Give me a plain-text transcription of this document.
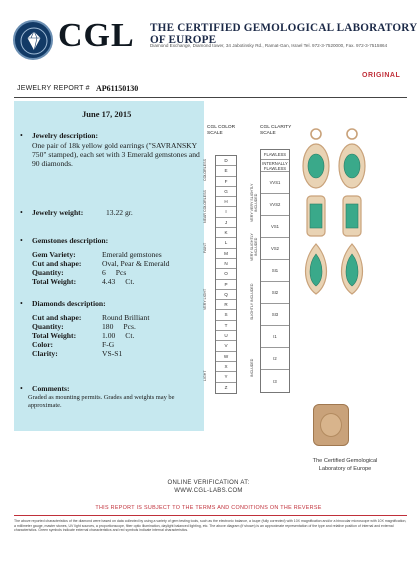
CGL THE CERTIFIED GEMOLOGICAL LABORATORY OF EUROPE
Diamond Exchange, Diamond tower, 34 Jabotinsky Rd., Ramat-Gan, Israel Tel. 972-3-7520000, Fax. 972-3-7515864
ORIGINAL
JEWELRY REPORT # AP61150130
June 17, 2015
• Jewelry description:
One pair of 18k yellow gold earrings ("SAVRANSKY 750" stamped), each set with 3 Emerald gemstones and 90 diamonds.
• Jewelry weight:	13.22 gr.
• Gemstones description:
Gem Variety:	Emerald gemstones
Cut and shape:	Oval, Pear & Emerald
Quantity:	6 Pcs
Total Weight:	4.43 Ct.
• Diamonds description:
Cut and shape:	Round Brilliant
Quantity:	180 Pcs.
Total Weight:	1.00 Ct.
Color:	F-G
Clarity:	VS-S1
• Comments:
Graded as mounting permits. Grades and weights may be approximate.
CGL COLOR SCALE
COLORLESS
NEAR COLORLESS
FAINT
VERY LIGHT
LIGHT
D
E
F
G
H
I
J
K
L
M
N
O
P
Q
R
S
T
U
V
W
X
Y
Z
CGL CLARITY SCALE
VERY VERY SLIGHTLY INCLUDED
VERY SLIGHTLY INCLUDED
SLIGHTLY INCLUDED
INCLUDED
FLAWLESS
INTERNALLY FLAWLESS
VVS1
VVS2
VS1
VS2
SI1
SI2
SI3
I1
I2
I3
The Certified Gemological Laboratory of Europe
ONLINE VERIFICATION AT:
WWW.CGL-LABS.COM
THIS REPORT IS SUBJECT TO THE TERMS AND CONDITIONS ON THE REVERSE
The above reported characteristics of the diamond were based on data collected by using a variety of gem testing tools, such as the electronic balance, a loupe (fully corrected) with 10X magnification and/or a binocular microscope with 10X magnification, a millimeter gauge, master stones, UV light sources, a proportionscope, fiber optic illumination, daylight balanced lighting, etc. The above diagram (if shown) is an approximate representation of the type and relative position of internal and external characteristics. Green symbols indicate external characteristics and red symbols indicate internal characteristics.
